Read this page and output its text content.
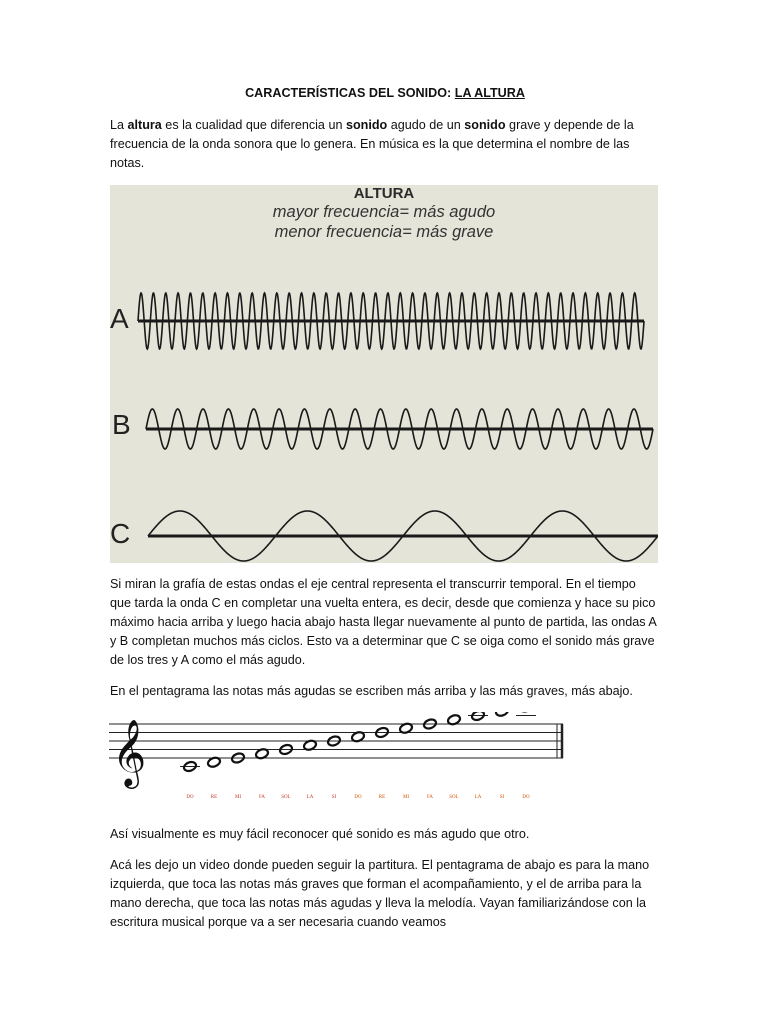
CARACTERÍSTICAS DEL SONIDO: LA ALTURA
La altura es la cualidad que diferencia un sonido agudo de un sonido grave y depende de la frecuencia de la onda sonora que lo genera. En música es la que determina el nombre de las notas.
Si miran la grafía de estas ondas el eje central representa el transcurrir temporal. En el tiempo que tarda la onda C en completar una vuelta entera, es decir, desde que comienza y hace su pico máximo hacia arriba y luego hacia abajo hasta llegar nuevamente al punto de partida, las ondas A y B completan muchos más ciclos. Esto va a determinar que C se oiga como el sonido más grave de los tres y A como el más agudo.
En el pentagrama las notas más agudas se escriben más arriba y las más graves, más abajo.
Así visualmente es muy fácil reconocer qué sonido es más agudo que otro.
Acá les dejo un video donde pueden seguir la partitura. El pentagrama de abajo es para la mano izquierda, que toca las notas más graves que forman el acompañamiento, y el de arriba para la mano derecha, que toca las notas más agudas y lleva la melodía. Vayan familiarizándose con la escritura musical porque va a ser necesaria cuando veamos
ALTURA
mayor frecuencia= más agudo
menor frecuencia= más grave
A
B
C
𝄞
DO	RE	MI	FA	SOL	LA	SI	DO	RE	MI	FA	SOL	LA	SI	DO
